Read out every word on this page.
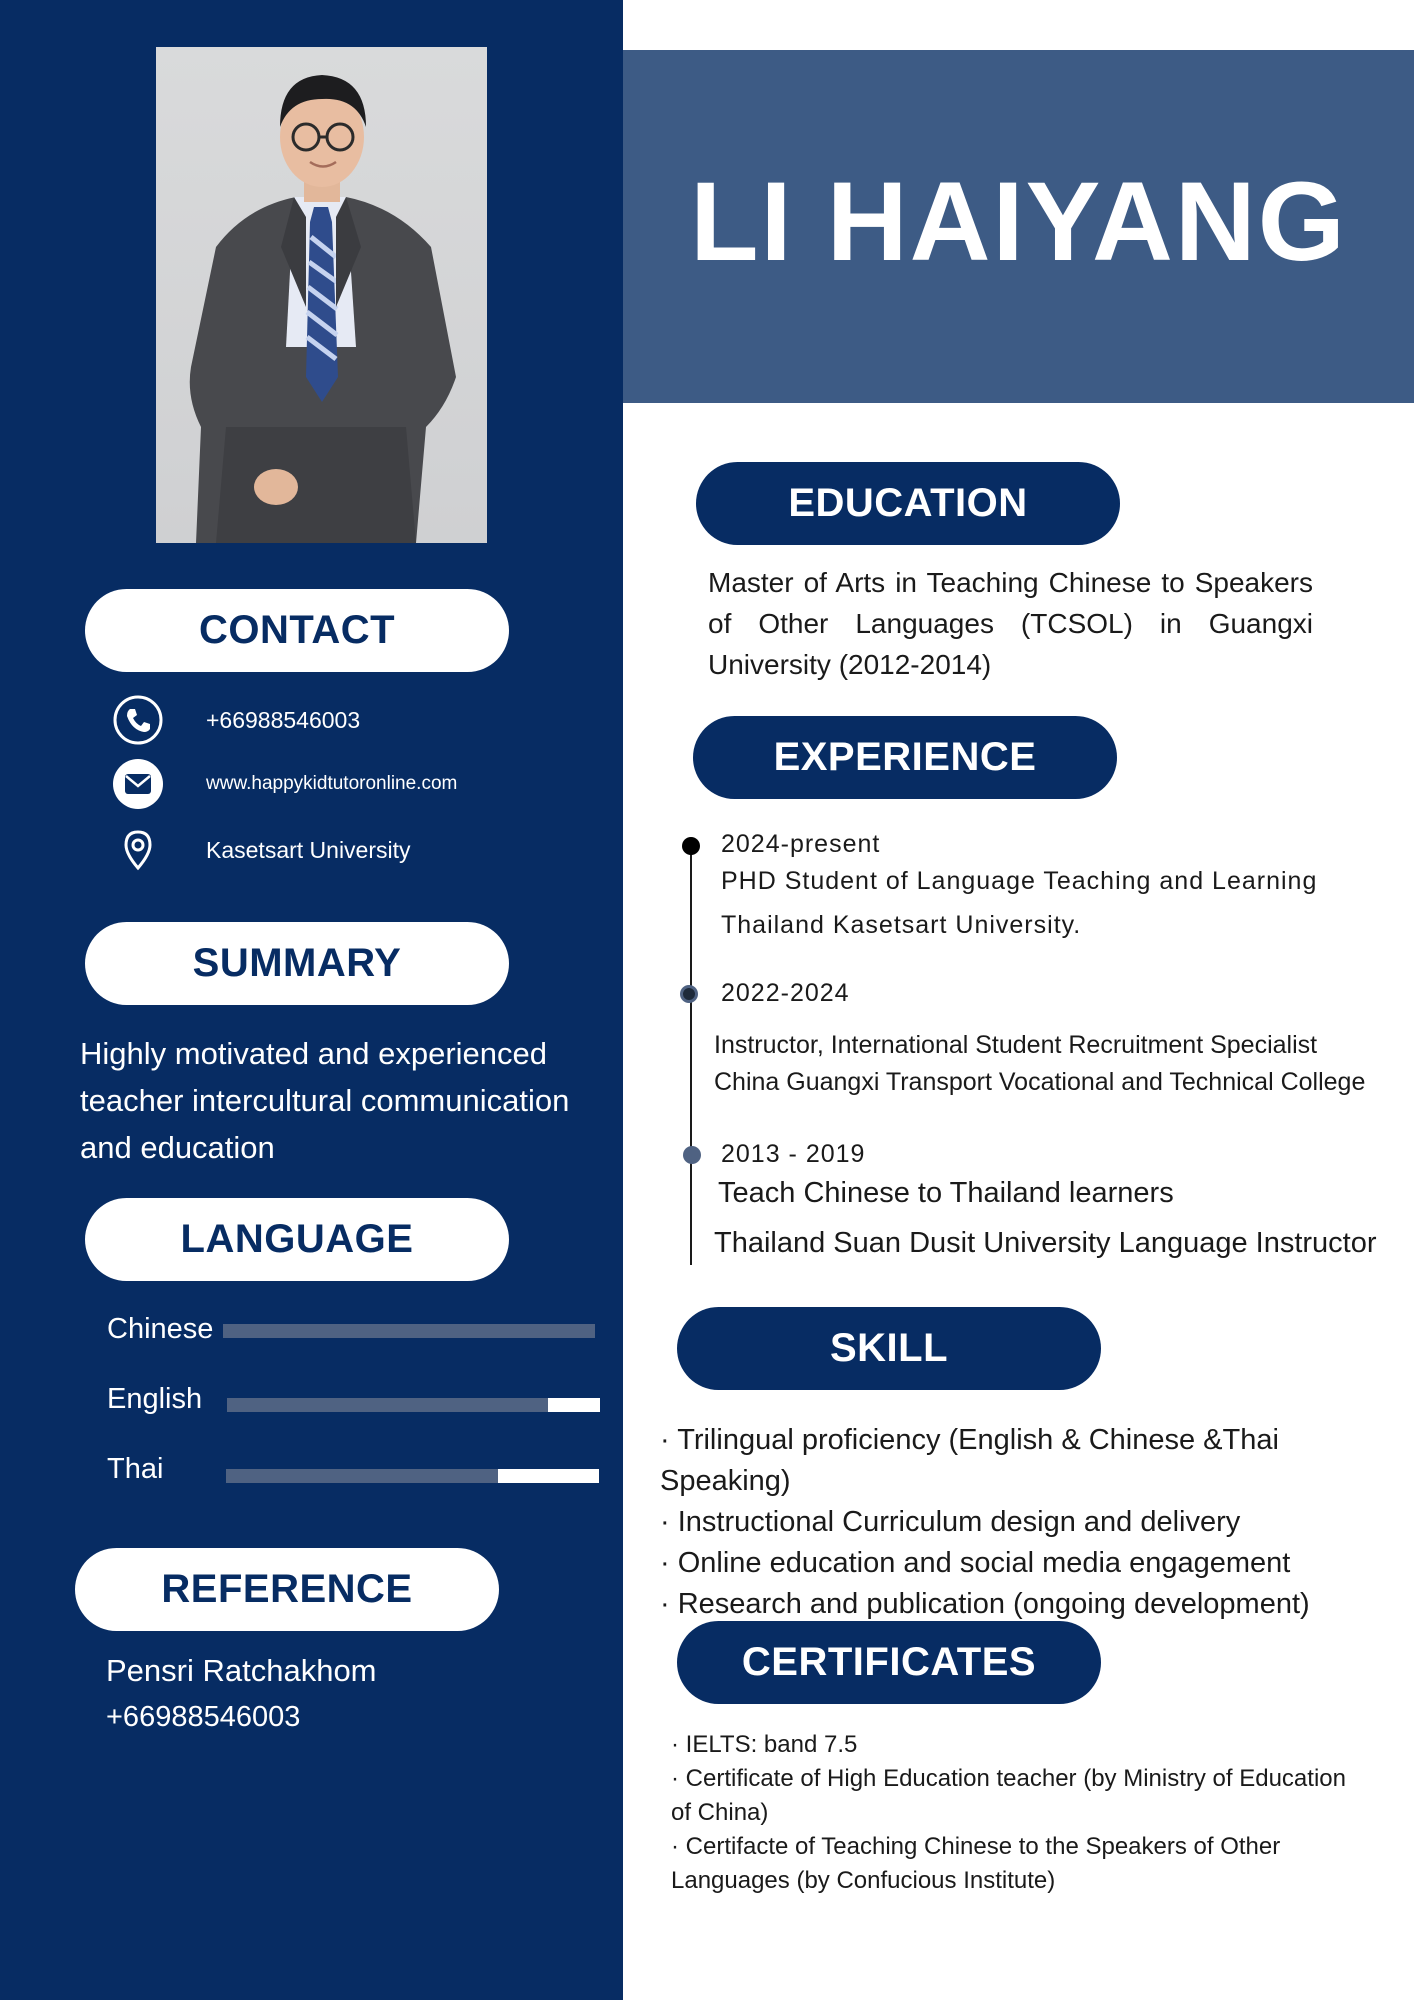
CONTACT
+66988546003
www.happykidtutoronline.com
Kasetsart University
SUMMARY
Highly motivated and experienced
teacher intercultural communication
and education
LANGUAGE
Chinese
English
Thai
REFERENCE
Pensri Ratchakhom
+66988546003
LI HAIYANG
EDUCATION
Master of Arts in Teaching Chinese to Speakers
of Other Languages (TCSOL) in Guangxi
University (2012-2014)
EXPERIENCE
2024-present
PHD Student of Language Teaching and Learning
Thailand Kasetsart University.
2022-2024
Instructor, International Student Recruitment Specialist
China Guangxi Transport Vocational and Technical College
2013 - 2019
Teach Chinese to Thailand learners
Thailand Suan Dusit University Language Instructor
SKILL
· Trilingual proficiency (English & Chinese &Thai Speaking)
· Instructional Curriculum design and delivery
· Online education and social media engagement
· Research and publication (ongoing development)
CERTIFICATES
· IELTS: band 7.5
· Certificate of High Education teacher (by Ministry of Education of China)
· Certifacte of Teaching Chinese to the Speakers of Other Languages (by Confucious Institute)
